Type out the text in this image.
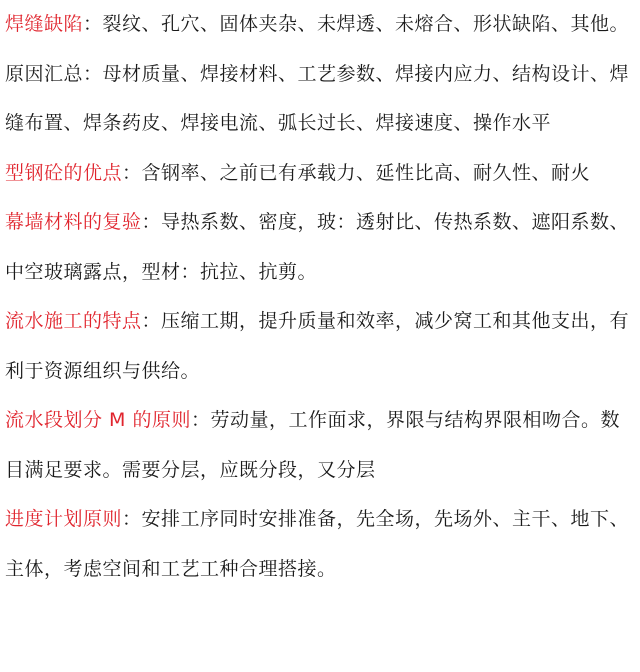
焊缝缺陷：裂纹、孔穴、固体夹杂、未焊透、未熔合、形状缺陷、其他。原因汇总：母材质量、焊接材料、工艺参数、焊接内应力、结构设计、焊缝布置、焊条药皮、焊接电流、弧长过长、焊接速度、操作水平

型钢砼的优点：含钢率、之前已有承载力、延性比高、耐久性、耐火

幕墙材料的复验：导热系数、密度，玻：透射比、传热系数、遮阳系数、中空玻璃露点，型材：抗拉、抗剪。

流水施工的特点：压缩工期，提升质量和效率，减少窝工和其他支出，有利于资源组织与供给。

流水段划分 M 的原则：劳动量，工作面求，界限与结构界限相吻合。数目满足要求。需要分层，应既分段，又分层

进度计划原则：安排工序同时安排准备，先全场，先场外、主干、地下、主体，考虑空间和工艺工种合理搭接。
